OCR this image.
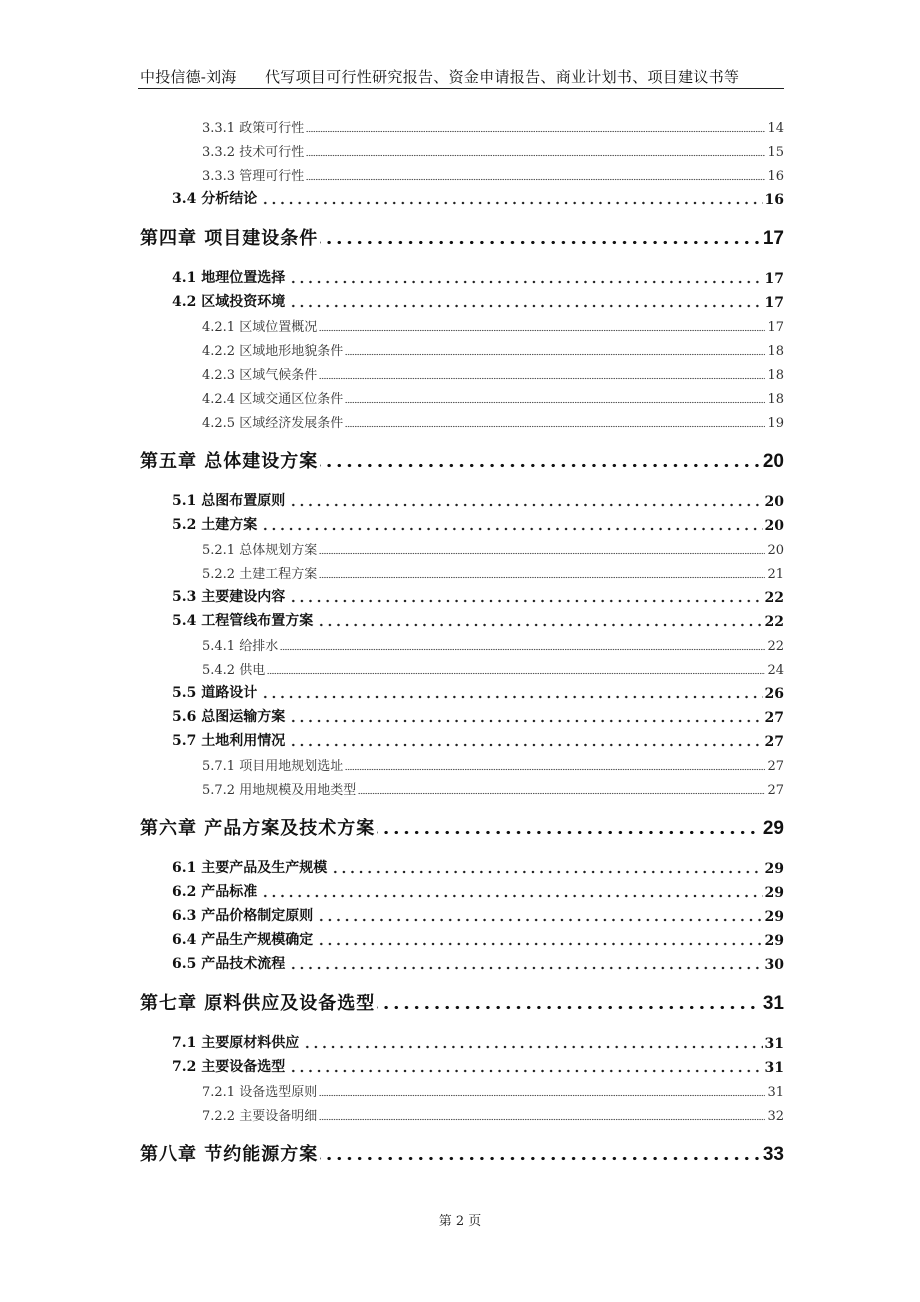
中投信德-刘海 代写项目可行性研究报告、资金申请报告、商业计划书、项目建议书等
3.3.1 政策可行性	14
3.3.2 技术可行性	15
3.3.3 管理可行性	16
3.4 分析结论	16
第四章 项目建设条件	17
4.1 地理位置选择	17
4.2 区域投资环境	17
4.2.1 区域位置概况	17
4.2.2 区域地形地貌条件	18
4.2.3 区域气候条件	18
4.2.4 区域交通区位条件	18
4.2.5 区域经济发展条件	19
第五章 总体建设方案	20
5.1 总图布置原则	20
5.2 土建方案	20
5.2.1 总体规划方案	20
5.2.2 土建工程方案	21
5.3 主要建设内容	22
5.4 工程管线布置方案	22
5.4.1 给排水	22
5.4.2 供电	24
5.5 道路设计	26
5.6 总图运输方案	27
5.7 土地利用情况	27
5.7.1 项目用地规划选址	27
5.7.2 用地规模及用地类型	27
第六章 产品方案及技术方案	29
6.1 主要产品及生产规模	29
6.2 产品标准	29
6.3 产品价格制定原则	29
6.4 产品生产规模确定	29
6.5 产品技术流程	30
第七章 原料供应及设备选型	31
7.1 主要原材料供应	31
7.2 主要设备选型	31
7.2.1 设备选型原则	31
7.2.2 主要设备明细	32
第八章 节约能源方案	33
第 2 页
